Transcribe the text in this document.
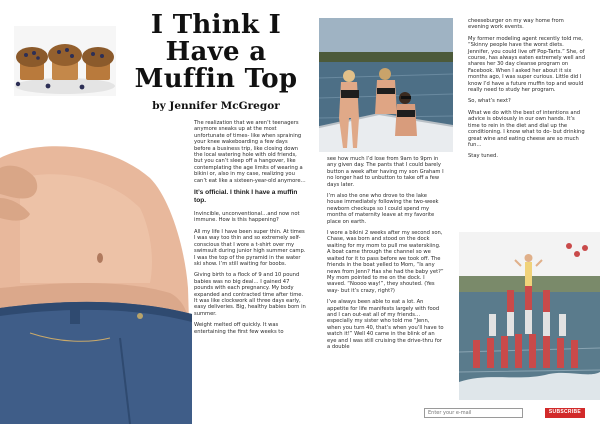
I Think I
Have a
Muffin Top
by Jennifer McGregor

The realization that we aren’t teenagers anymore sneaks up at the most unfortunate of times- like when spraining your knee wakeboarding a few days before a business trip, like closing down the local watering hole with old friends, but you can’t sleep off a hangover, like contemplating the age limits of wearing a bikini or, also in my case, realizing you can’t eat like a sixteen-year-old anymore…

It’s official. I think I have a muffin top.

Invincible, unconventional…and now not immune. How is this happening?

All my life I have been super thin. At times I was way too thin and so extremely self-conscious that I wore a t-shirt over my swimsuit during junior high summer camp. I was the top of the pyramid in the water ski show. I’m still waiting for boobs.

Giving birth to a flock of 9 and 10 pound babies was no big deal… I gained 47 pounds with each pregnancy. My body expanded and contracted time after time. It was like clockwork all three days early, easy deliveries. Big, healthy babies born in summer.

Weight melted off quickly. It was entertaining the first few weeks to

see how much I’d lose from 9am to 9pm in any given day. The pants that I could barely button a week after having my son Graham I no longer had to unbutton to take off a few days later.

I’m also the one who drove to the lake house immediately following the two-week newborn checkups so I could spend my months of maternity leave at my favorite place on earth.

I wore a bikini 2 weeks after my second son, Chase, was born and stood on the dock waiting for my mom to pull me waterskiing. A boat came through the channel so we waited for it to pass before we took off. The friends in the boat yelled to Mom, “Is any news from Jenn? Has she had the baby yet?” My mom pointed to me on the dock. I waved. “Noooo way!”, they shouted. (Yes way- but it’s crazy, right?)

I’ve always been able to eat a lot. An appetite for life manifests largely with food and I can out-eat all of my friends…especially my sister who told me “Jenn, when you turn 40, that’s when you’ll have to watch it!” Well 40 came in the blink of an eye and I was still cruising the drive-thru for a double

cheeseburger on my way home from evening work events.

My former modeling agent recently told me, “Skinny people have the worst diets. Jennifer, you could live off Pop-Tarts.” She, of course, has always eaten extremely well and shares her 30 day cleanse program on Facebook. When I asked her about it six months ago, I was super curious. Little did I know I’d have a future muffin top and would really need to study her program.

So, what’s next?

What we do with the best of intentions and advice is obviously in our own hands. It’s time to rein in the diet and dial up the conditioning. I know what to do- but drinking great wine and eating cheese are so much fun…

Stay tuned.

Enter your e-mail
SUBSCRIBE
